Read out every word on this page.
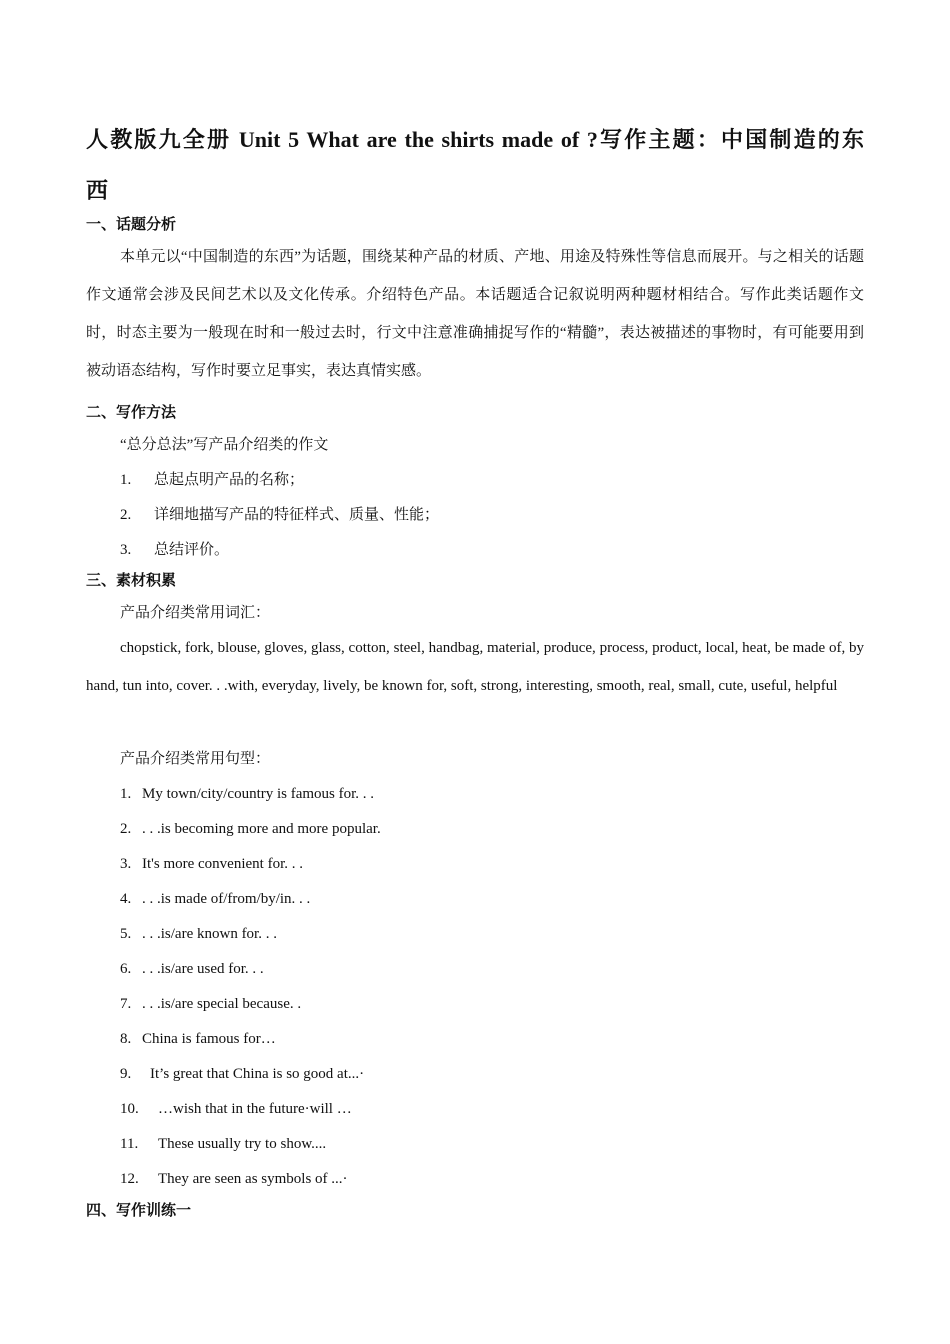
人教版九全册 Unit 5 What are the shirts made of ?写作主题：中国制造的东
西
一、话题分析

本单元以“中国制造的东西”为话题，围绕某种产品的材质、产地、用途及特殊性等信息而展开。与之相关的话题作文通常会涉及民间艺术以及文化传承。介绍特色产品。本话题适合记叙说明两种题材相结合。写作此类话题作文时，时态主要为一般现在时和一般过去时，行文中注意准确捕捉写作的“精髓”，表达被描述的事物时，有可能要用到被动语态结构，写作时要立足事实，表达真情实感。

二、写作方法
“总分总法”写产品介绍类的作文
1. 总起点明产品的名称；
2. 详细地描写产品的特征样式、质量、性能；
3. 总结评价。
三、素材积累
产品介绍类常用词汇：

chopstick, fork, blouse, gloves, glass, cotton, steel, handbag, material, produce, process, product, local, heat, be made of, by hand, tun into, cover. . .with, everyday, lively, be known for, soft, strong, interesting, smooth, real, small, cute, useful, helpful

产品介绍类常用句型：
1. My town/city/country is famous for. . .
2. . . .is becoming more and more popular.
3. It's more convenient for. . .
4. . . .is made of/from/by/in. . .
5. . . .is/are known for. . .
6. . . .is/are used for. . .
7. . . .is/are special because. .
8. China is famous for…
9. It’s great that China is so good at...·
10. …wish that in the future·will …
11. These usually try to show....
12. They are seen as symbols of ...·
四、写作训练一
